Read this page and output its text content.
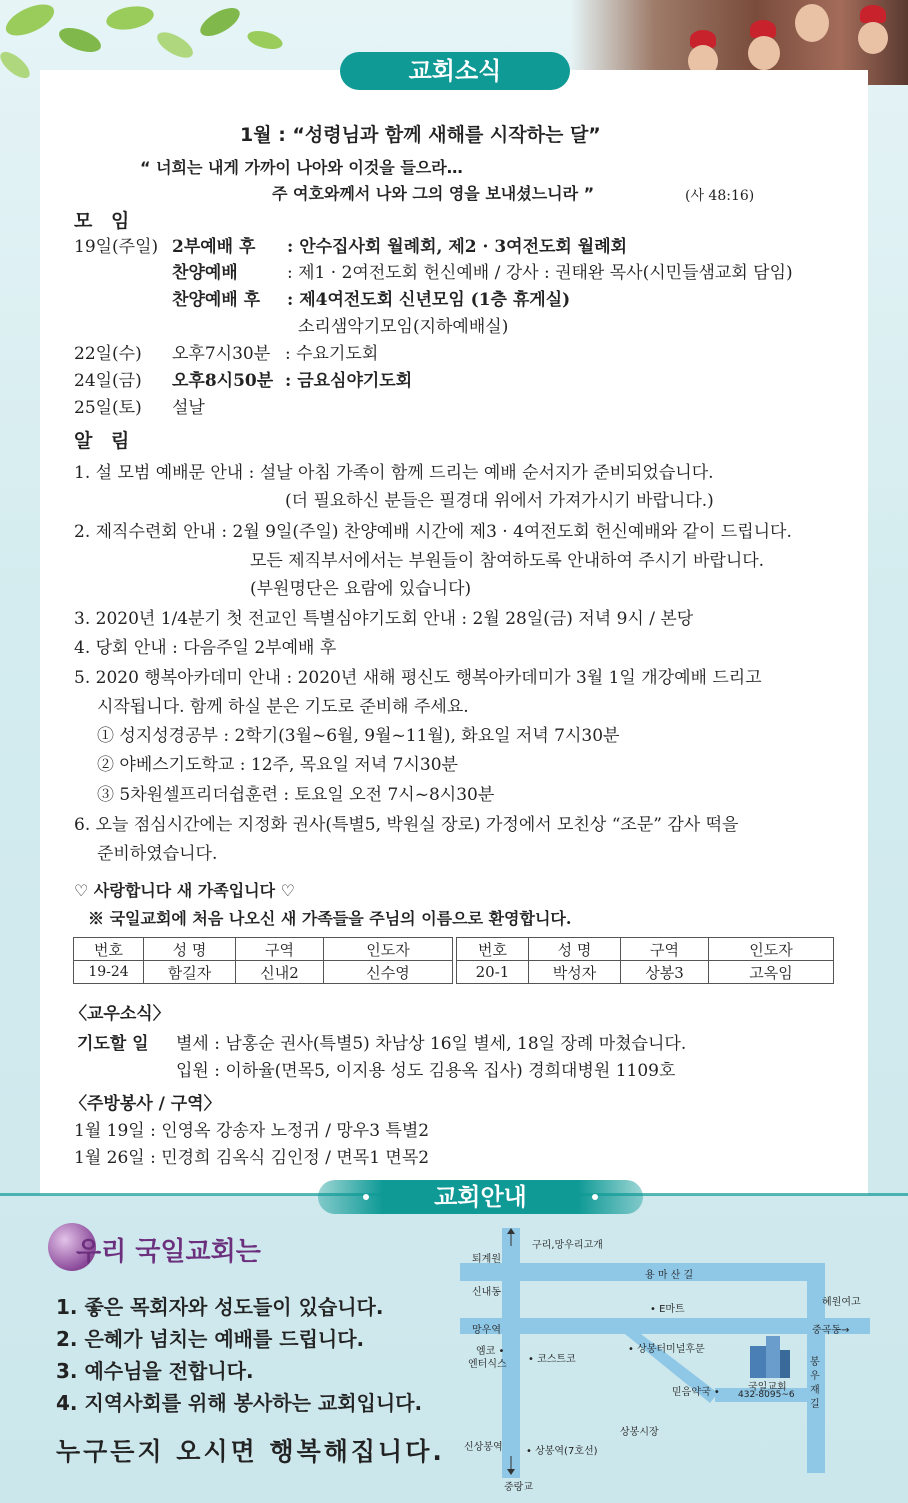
교회소식
1월 : “성령님과 함께 새해를 시작하는 달”
“ 너희는 내게 가까이 나아와 이것을 들으라…
주 여호와께서 나와 그의 영을 보내셨느니라 ”	(사 48:16)
모 임
19일(주일) 2부예배 후 : 안수집사회 월례회, 제2 · 3여전도회 월례회
찬양예배	: 제1 · 2여전도회 헌신예배 / 강사 : 권태완 목사(시민들샘교회 담임)
찬양예배 후 : 제4여전도회 신년모임 (1층 휴게실)
소리샘악기모임(지하예배실)
22일(수) 오후7시30분 : 수요기도회
24일(금) 오후8시50분 : 금요심야기도회
25일(토) 설날
알 림
1. 설 모범 예배문 안내 : 설날 아침 가족이 함께 드리는 예배 순서지가 준비되었습니다.
(더 필요하신 분들은 필경대 위에서 가져가시기 바랍니다.)
2. 제직수련회 안내 : 2월 9일(주일) 찬양예배 시간에 제3 · 4여전도회 헌신예배와 같이 드립니다.
모든 제직부서에서는 부원들이 참여하도록 안내하여 주시기 바랍니다.
(부원명단은 요람에 있습니다)
3. 2020년 1/4분기 첫 전교인 특별심야기도회 안내 : 2월 28일(금) 저녁 9시 / 본당
4. 당회 안내 : 다음주일 2부예배 후
5. 2020 행복아카데미 안내 : 2020년 새해 평신도 행복아카데미가 3월 1일 개강예배 드리고
시작됩니다. 함께 하실 분은 기도로 준비해 주세요.
① 성지성경공부 : 2학기(3월~6월, 9월~11월), 화요일 저녁 7시30분
② 야베스기도학교 : 12주, 목요일 저녁 7시30분
③ 5차원셀프리더쉽훈련 : 토요일 오전 7시~8시30분
6. 오늘 점심시간에는 지정화 권사(특별5, 박원실 장로) 가정에서 모친상 “조문” 감사 떡을
준비하였습니다.
♡ 사랑합니다 새 가족입니다 ♡
※ 국일교회에 처음 나오신 새 가족들을 주님의 이름으로 환영합니다.
번호	성 명	구역	인도자
19-24	함길자	신내2	신수영
번호	성 명	구역	인도자
20-1	박성자	상봉3	고옥임
〈교우소식〉
기도할 일 별세 : 남홍순 권사(특별5) 차남상 16일 별세, 18일 장례 마쳤습니다.
입원 : 이하율(면목5, 이지용 성도 김용옥 집사) 경희대병원 1109호
〈주방봉사 / 구역〉
1월 19일 : 인영옥 강송자 노정귀 / 망우3 특별2
1월 26일 : 민경희 김옥식 김인정 / 면목1 면목2
교회안내
우리 국일교회는
1. 좋은 목회자와 성도들이 있습니다.
2. 은혜가 넘치는 예배를 드립니다.
3. 예수님을 전합니다.
4. 지역사회를 위해 봉사하는 교회입니다.
누구든지 오시면 행복해집니다.
구리,망우리고개
퇴계원
용 마 산 길
신내동
• E마트
혜원여고
망우역	중곡동→
엠코 •
엔터식스 • 코스트코
• 상봉터미널후문
국일교회
432-8095~6
봉우재길
믿음약국 •
상봉시장
신상봉역 • 상봉역(7호선)
중랑교
